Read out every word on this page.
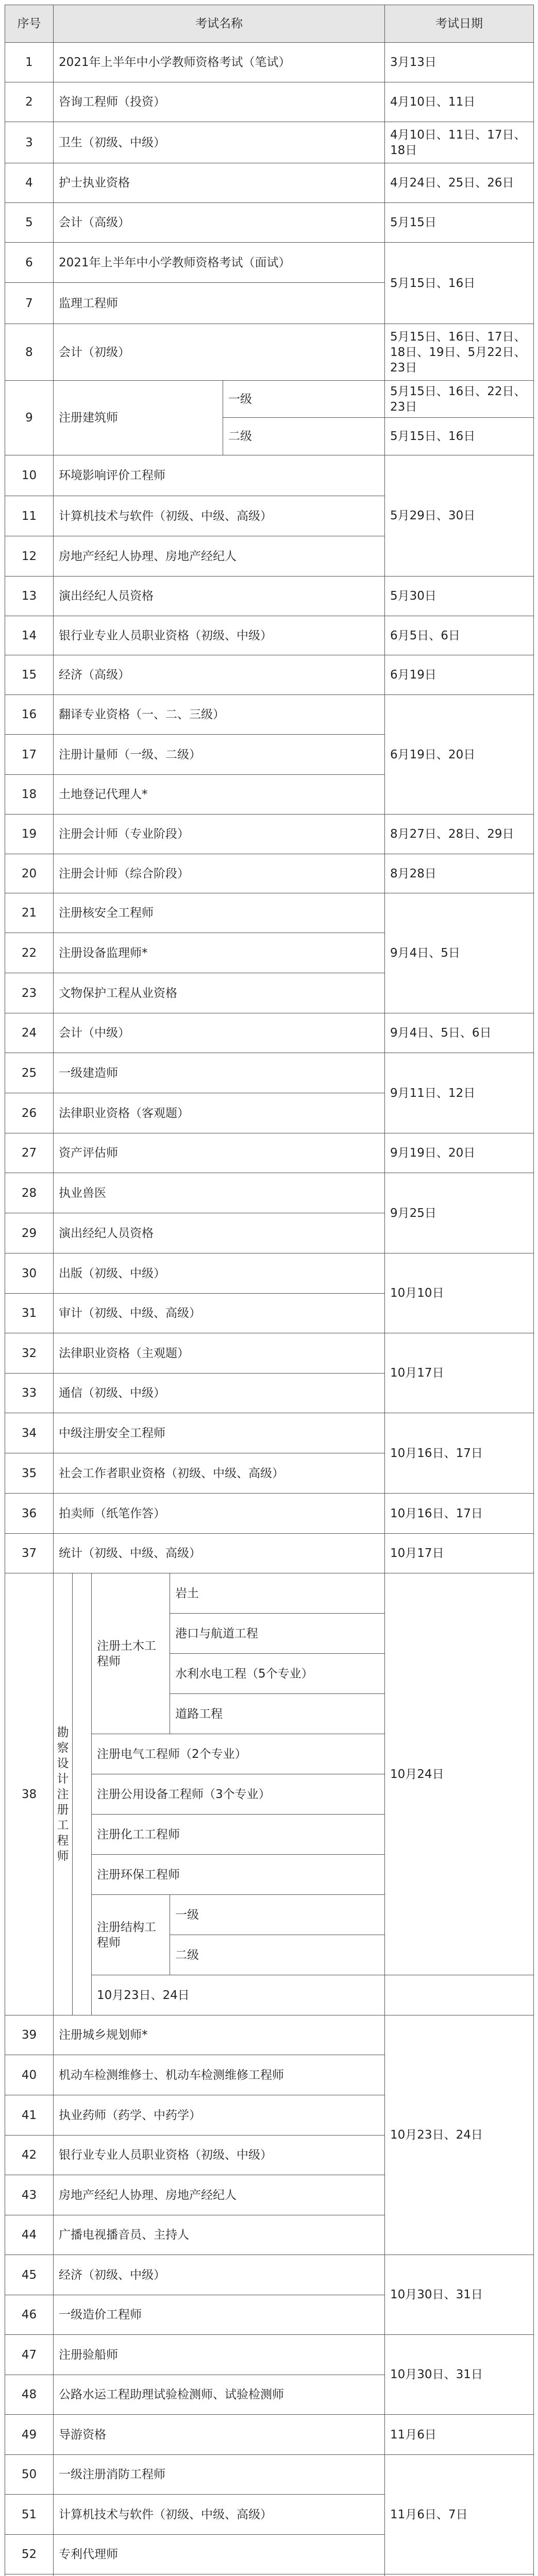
序号	考试名称					考试日期
1	2021年上半年中小学教师资格考试（笔试）					3月13日
2	咨询工程师（投资）					4月10日、11日
3	卫生（初级、中级）					4月10日、11日、17日、18日
4	护士执业资格					4月24日、25日、26日
5	会计（高级）					5月15日
6	2021年上半年中小学教师资格考试（面试）					5月15日、16日
7	监理工程师					
8	会计（初级）					5月15日、16日、17日、18日、19日、5月22日、23日
9	注册建筑师				一级	5月15日、16日、22日、23日
					二级	5月15日、16日
10	环境影响评价工程师					5月29日、30日
11	计算机技术与软件（初级、中级、高级）					
12	房地产经纪人协理、房地产经纪人					
13	演出经纪人员资格					5月30日
14	银行业专业人员职业资格（初级、中级）					6月5日、6日
15	经济（高级）					6月19日
16	翻译专业资格（一、二、三级）					6月19日、20日
17	注册计量师（一级、二级）					
18	土地登记代理人*					
19	注册会计师（专业阶段）					8月27日、28日、29日
20	注册会计师（综合阶段）					8月28日
21	注册核安全工程师					9月4日、5日
22	注册设备监理师*					
23	文物保护工程从业资格					
24	会计（中级）					9月4日、5日、6日
25	一级建造师					9月11日、12日
26	法律职业资格（客观题）					
27	资产评估师					9月19日、20日
28	执业兽医					9月25日
29	演出经纪人员资格					
30	出版（初级、中级）					10月10日
31	审计（初级、中级、高级）					
32	法律职业资格（主观题）					10月17日
33	通信（初级、中级）					
34	中级注册安全工程师					10月16日、17日
35	社会工作者职业资格（初级、中级、高级）					
36	拍卖师（纸笔作答）					10月16日、17日
37	统计（初级、中级、高级）					10月17日
38	勘察设计注册工程师		注册土木工程师	岩土		10月24日
				港口与航道工程		
				水利水电工程（5个专业）		
				道路工程		
			注册电气工程师（2个专业）			
			注册公用设备工程师（3个专业）			
			注册化工工程师			
			注册环保工程师			
			注册结构工程师	一级		
				二级		
			10月23日、24日			
39	注册城乡规划师*					10月23日、24日
40	机动车检测维修士、机动车检测维修工程师					
41	执业药师（药学、中药学）					
42	银行业专业人员职业资格（初级、中级）					
43	房地产经纪人协理、房地产经纪人					
44	广播电视播音员、主持人					
45	经济（初级、中级）					10月30日、31日
46	一级造价工程师					
47	注册验船师					10月30日、31日
48	公路水运工程助理试验检测师、试验检测师					
49	导游资格					11月6日
50	一级注册消防工程师					11月6日、7日
51	计算机技术与软件（初级、中级、高级）					
52	专利代理师					
